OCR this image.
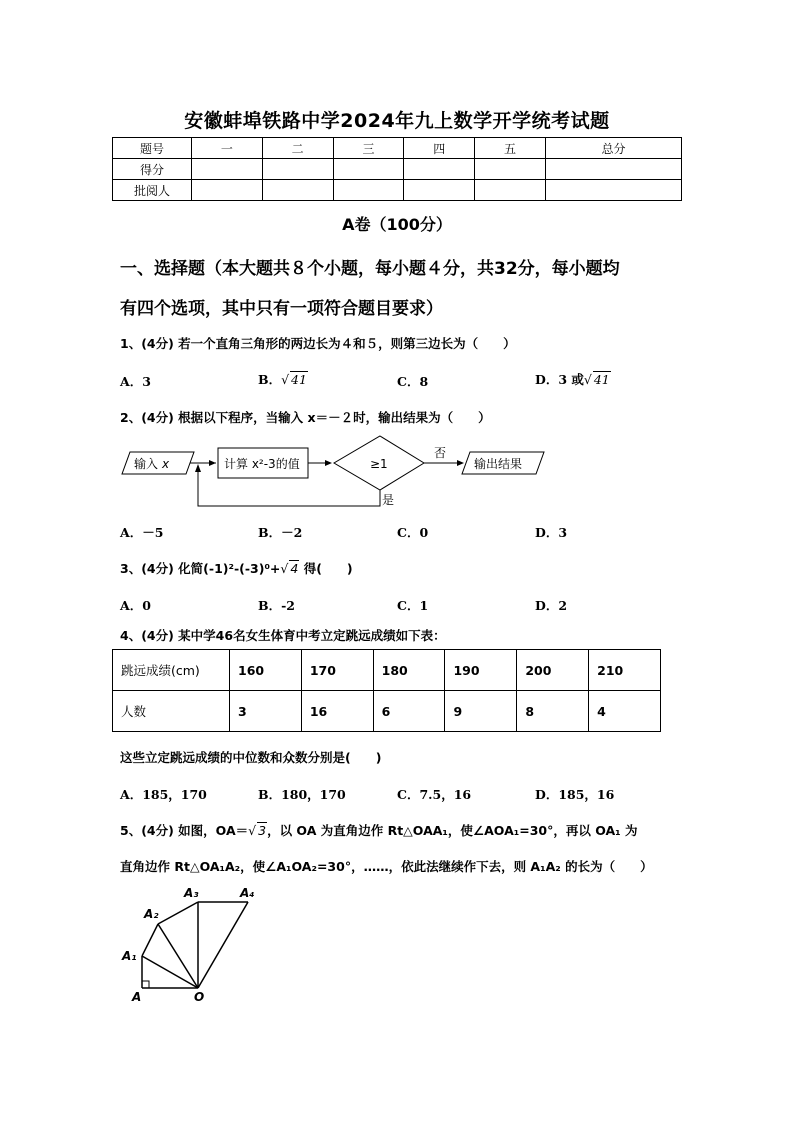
安徽蚌埠铁路中学2024年九上数学开学统考试题
题号	一	二	三	四	五	总分
得分						
批阅人						
A卷（100分）
一、选择题（本大题共８个小题，每小题４分，共32分，每小题均
有四个选项，其中只有一项符合题目要求）
1、(4分) 若一个直角三角形的两边长为４和５，则第三边长为（　　）
A．3	B．√ 41	C．8	D．3 或√ 41
2、(4分) 根据以下程序，当输入 x＝－２时，输出结果为（　　）
输入 x	计算 x²-3的值	≥1
否
输出结果
是
A．－5	B．－2	C．0	D．3
3、(4分) 化简(-1)²-(-3)⁰+√ 4 得(　　)
A．0	B．-2	C．1	D．2
4、(4分) 某中学46名女生体育中考立定跳远成绩如下表：
跳远成绩(cm)	160	170	180	190	200	210
人数	3	16	6	9	8	4
这些立定跳远成绩的中位数和众数分别是(　　)
A．185，170	B．180，170	C．7.5，16	D．185，16
5、(4分) 如图，OA＝√ 3，以 OA 为直角边作 Rt△OAA₁，使∠AOA₁=30°，再以 OA₁ 为
直角边作 Rt△OA₁A₂，使∠A₁OA₂=30°，……，依此法继续作下去，则 A₁A₂ 的长为（　　）
A
A₁
A₂
A₃	A₄
O
